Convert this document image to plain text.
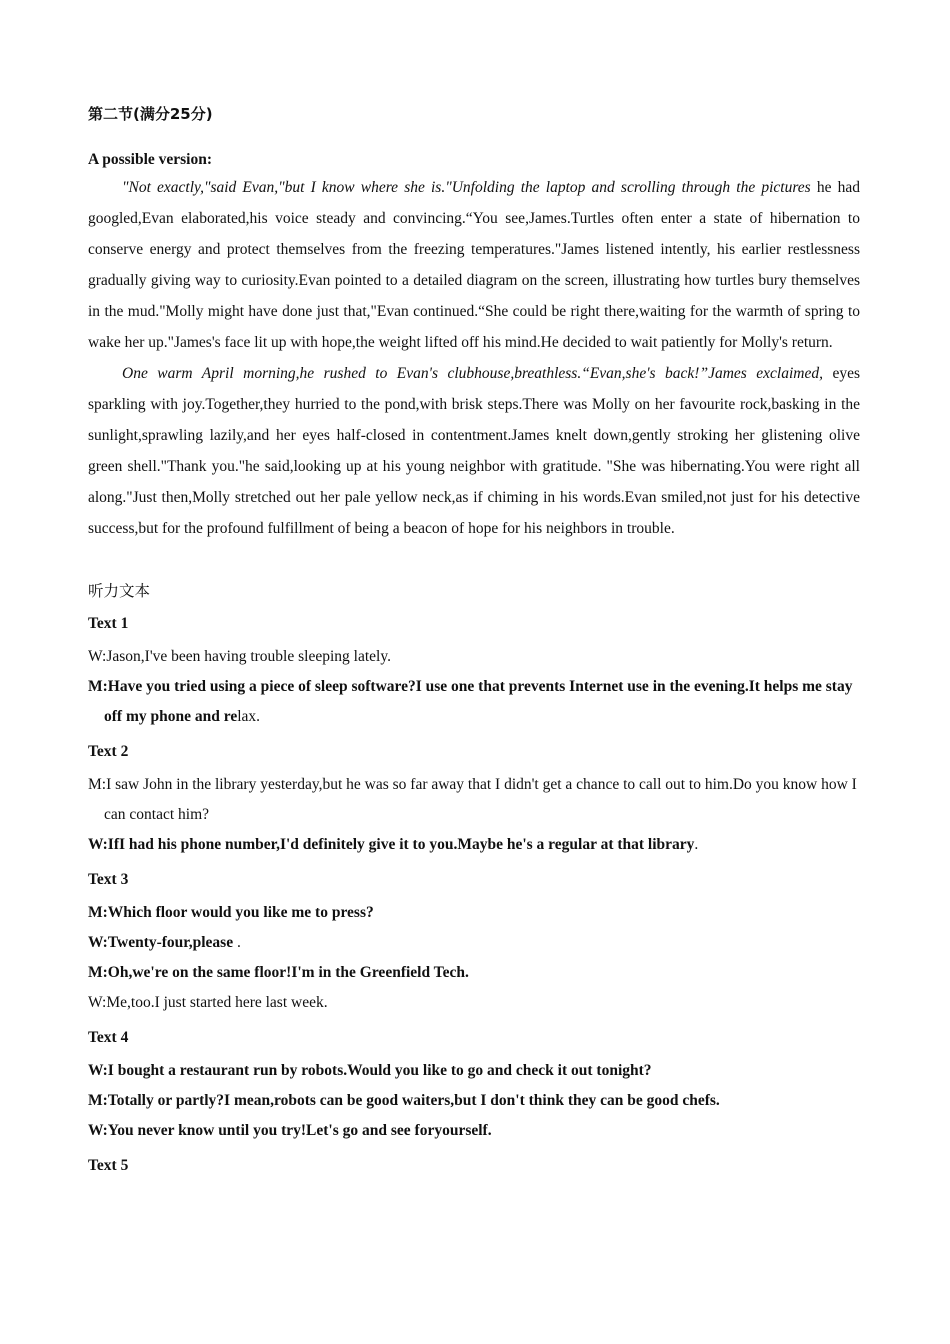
第二节(满分25分)
A possible version:

"Not exactly,"said Evan,"but I know where she is."Unfolding the laptop and scrolling through the pictures he had googled,Evan elaborated,his voice steady and convincing.“You see,James.Turtles often enter a state of hibernation to conserve energy and protect themselves from the freezing temperatures."James listened intently, his earlier restlessness gradually giving way to curiosity.Evan pointed to a detailed diagram on the screen, illustrating how turtles bury themselves in the mud."Molly might have done just that,"Evan continued.“She could be right there,waiting for the warmth of spring to wake her up."James's face lit up with hope,the weight lifted off his mind.He decided to wait patiently for Molly's return.

One warm April morning,he rushed to Evan's clubhouse,breathless.“Evan,she's back!”James exclaimed, eyes sparkling with joy.Together,they hurried to the pond,with brisk steps.There was Molly on her favourite rock,basking in the sunlight,sprawling lazily,and her eyes half-closed in contentment.James knelt down,gently stroking her glistening olive green shell."Thank you."he said,looking up at his young neighbor with gratitude. "She was hibernating.You were right all along."Just then,Molly stretched out her pale yellow neck,as if chiming in his words.Evan smiled,not just for his detective success,but for the profound fulfillment of being a beacon of hope for his neighbors in trouble.

听力文本
Text 1

W:Jason,I've been having trouble sleeping lately.

M:Have you tried using a piece of sleep software?I use one that prevents Internet use in the evening.It helps me stay off my phone and relax.

Text 2

M:I saw John in the library yesterday,but he was so far away that I didn't get a chance to call out to him.Do you know how I can contact him?

W:IfI had his phone number,I'd definitely give it to you.Maybe he's a regular at that library.

Text 3

M:Which floor would you like me to press?

W:Twenty-four,please .

M:Oh,we're on the same floor!I'm in the Greenfield Tech.

W:Me,too.I just started here last week.

Text 4

W:I bought a restaurant run by robots.Would you like to go and check it out tonight?

M:Totally or partly?I mean,robots can be good waiters,but I don't think they can be good chefs.

W:You never know until you try!Let's go and see foryourself.

Text 5
